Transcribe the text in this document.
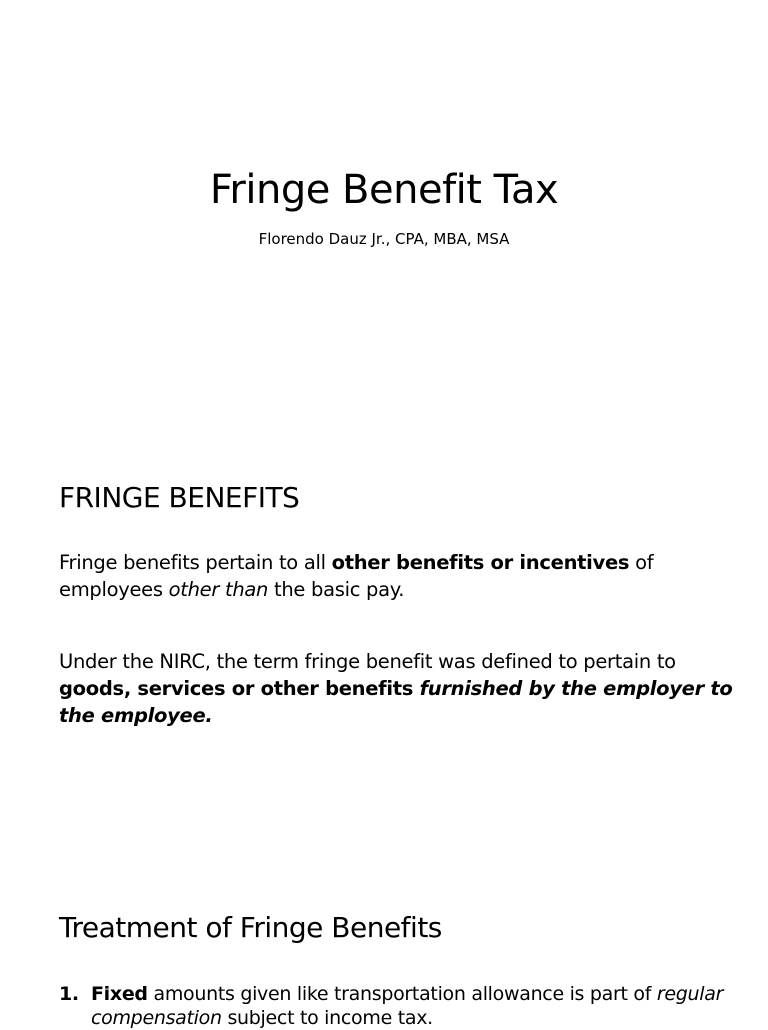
Fringe Benefit Tax

Florendo Dauz Jr., CPA, MBA, MSA

FRINGE BENEFITS

Fringe benefits pertain to all other benefits or incentives of employees other than the basic pay.

Under the NIRC, the term fringe benefit was defined to pertain to goods, services or other benefits furnished by the employer to the employee.

Treatment of Fringe Benefits
1. Fixed amounts given like transportation allowance is part of regular compensation subject to income tax.
